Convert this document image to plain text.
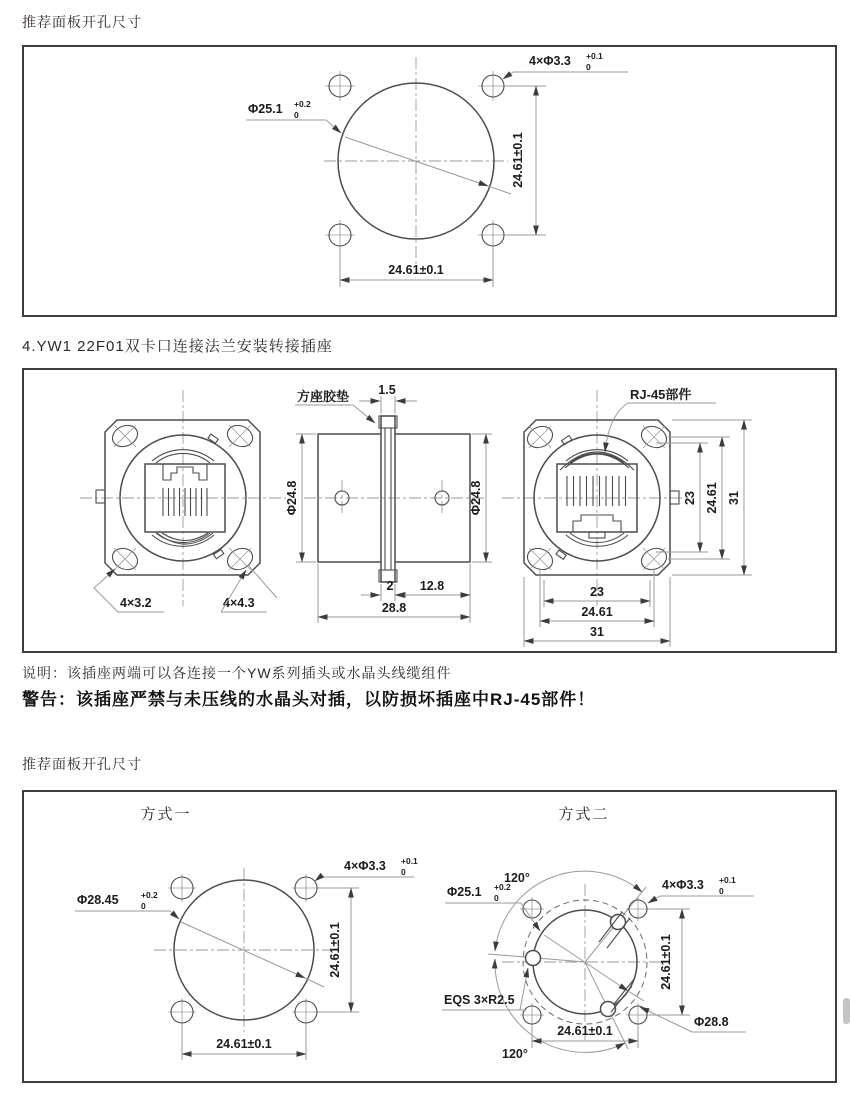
推荐面板开孔尺寸
Φ25.1 +0.2
0
4×Φ3.3 +0.1
0
24.61±0.1
24.61±0.1
4.YW1 22F01双卡口连接法兰安装转接插座
4×3.2	4×4.3
方座胶垫 1.5
Φ24.8	Φ24.8
2 12.8
28.8
RJ-45部件
23 24.61 31
23
24.61
31
说明：该插座两端可以各连接一个YW系列插头或水晶头线缆组件
警告：该插座严禁与未压线的水晶头对插，以防损坏插座中RJ-45部件！
推荐面板开孔尺寸
方式一
Φ28.45	+0.2
0
4×Φ3.3 +0.1
0
24.61±0.1
24.61±0.1
方式二
120°
120°
Φ25.1 +0.2
0
4×Φ3.3 +0.1
0
EQS 3×R2.5
Φ28.8
24.61±0.1
24.61±0.1
